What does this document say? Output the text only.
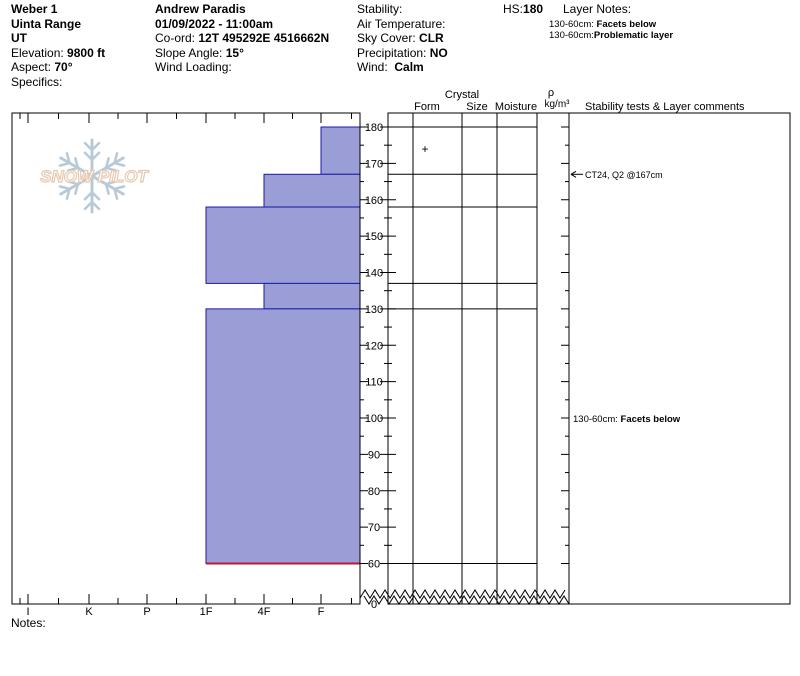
Weber 1
Uinta Range
UT
Elevation: 9800 ft
Aspect: 70°
Specifics:
Andrew Paradis
01/09/2022 - 11:00am
Co-ord: 12T 495292E 4516662N
Slope Angle: 15°
Wind Loading:
Stability:
Air Temperature:
Sky Cover: CLR
Precipitation: NO
Wind: Calm
HS:180 Layer Notes:
130-60cm: Facets below
130-60cm:Problematic layer
Notes:
SNOW PILOT
I	K	P	1F	4F	F
0
60
70
80
90
100
110
120
130
140
150
160
170
180
+
Crystal
Form Size Moisture
ρ
kg/m³ Stability tests & Layer comments
CT24, Q2 @167cm
130-60cm: Facets below
